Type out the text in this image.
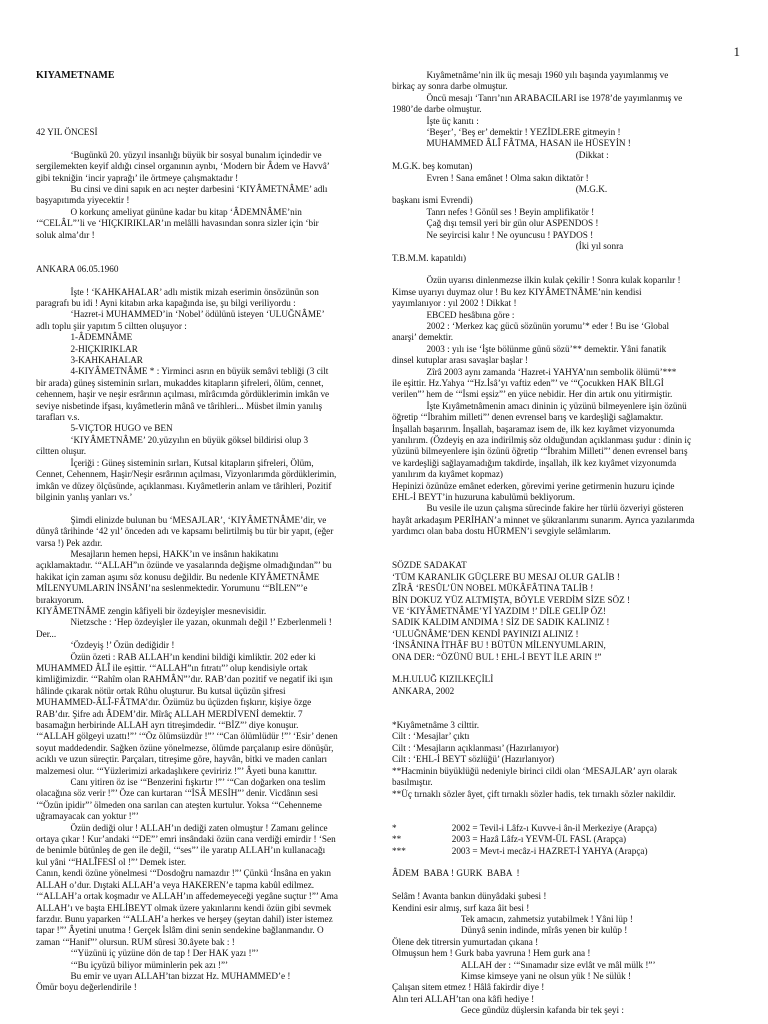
1
KIYAMETNAME
42 YIL ÖNCESİ
‘Bugünkü 20. yüzyıl insanlığı büyük bir sosyal bunalım içindedir ve
sergilemekten keyif aldığı cinsel organının aynbı, ‘Modern bir Âdem ve Havvâ’
gibi tekniğin ‘incir yaprağı’ ile örtmeye çalışmaktadır !
Bu cinsi ve dini sapık en acı neşter darbesini ‘KIYÂMETNÂME’ adlı
başyapıtımda yiyecektir !
O korkunç ameliyat gününe kadar bu kitap ‘ÂDEMNÂME’nin
‘“CELÂL”’li ve ‘HIÇKIRIKLAR’ın melâlli havasından sonra sizler için ‘bir
soluk alma’dır !
ANKARA 06.05.1960
İşte ! ‘KAHKAHALAR’ adlı mistik mizah eserimin önsözünün son
paragrafı bu idi ! Ayni kitabın arka kapağında ise, şu bilgi veriliyordu :
‘Hazret-i MUHAMMED’in ‘Nobel’ ödülünü isteyen ‘ULUĞNÂME’
adlı toplu şiir yapıtım 5 ciltten oluşuyor :
1-ÂDEMNÂME
2-HIÇKIRIKLAR
3-KAHKAHALAR
4-KIYÂMETNÂME * : Yirminci asrın en büyük semâvi tebliği (3 cilt
bir arada) güneş sisteminin sırları, mukaddes kitapların şifreleri, ölüm, cennet,
cehennem, haşir ve neşir esrârının açılması, mîrâcımda gördüklerimin imkân ve
seviye nisbetinde ifşası, kıyâmetlerin mânâ ve târihleri... Müsbet ilmin yanılış
tarafları v.s.
5-VIÇTOR HUGO ve BEN
‘KIYÂMETNÂME’ 20.yüzyılın en büyük göksel bildirisi olup 3
ciltten oluşur.
İçeriği : Güneş sisteminin sırları, Kutsal kitapların şifreleri, Ölüm,
Cennet, Cehennem, Haşir/Neşir esrârının açılması, Vizyonlarımda gördüklerimin,
imkân ve düzey ölçüsünde, açıklanması. Kıyâmetlerin anlam ve târihleri, Pozitif
bilginin yanlış yanları vs.’
Şimdi elinizde bulunan bu ‘MESAJLAR’, ‘KIYÂMETNÂME’dir, ve
dünyâ târihinde ‘42 yıl’ önceden adı ve kapsamı belirtilmiş bu tür bir yapıt, (eğer
varsa !) Pek azdır.
Mesajların hemen hepsi, HAKK’ın ve insânın hakikatını
açıklamaktadır. ‘“ALLAH”ın özünde ve yasalarında değişme olmadığından”’ bu
hakikat için zaman aşımı söz konusu değildir. Bu nedenle KIYÂMETNÂME
MİLENYUMLARIN İNSÂNI’na seslenmektedir. Yorumunu ‘“BİLEN”’e
bırakıyorum.
KIYÂMETNÂME zengin kâfiyeli bir özdeyişler mesnevisidir.
Nietzsche : ‘Hep özdeyişler ile yazan, okunmalı değil !’ Ezberlenmeli !
Der...
‘Özdeyiş !’ Özün dediğidir !
Özün özeti : RAB ALLAH’ın kendini bildiği kimliktir. 202 eder ki
MUHAMMED ÂLÎ ile eşittir. ‘“ALLAH”ın fıtratı”’ olup kendisiyle ortak
kimliğimizdir. ‘“Rahîm olan RAHMÂN”’dır. RAB’dan pozitif ve negatif iki ışın
hâlinde çıkarak nötür ortak Rûhu oluşturur. Bu kutsal üçüzün şifresi
MUHAMMED-ÂLÎ-FÂTMA’dır. Özümüz bu üçüzden fışkırır, kişiye özge
RAB’dır. Şifre adı ÂDEM’dir. Mîrâç ALLAH MERDİVENİ demektir. 7
basamağın herbirinde ALLAH ayrı titreşimdedir. ‘“BİZ”’ diye konuşur.
‘“ALLAH gölgeyi uzattı!”’ ‘“Öz ölümsüzdür !”’ ‘“Can ölümlüdür !”’ ‘Esir’ denen
soyut maddedendir. Sağken özüne yönelmezse, ölümde parçalanıp esire dönüşür,
acıklı ve uzun süreçtir. Parçaları, titreşime göre, hayvân, bitki ve maden canları
malzemesi olur. ‘“Yüzlerimizi arkadaşlıkere çeviririz !”’ Âyeti buna kanıttır.
Canı yitiren öz ise ‘“Benzerini fışkırtır !”’ ‘“Can doğarken ona teslim
olacağına söz verir !”’ Öze can kurtaran ‘“İSÂ MESİH”’ denir. Vicdânın sesi
‘“Özün ipidir”’ ölmeden ona sarılan can ateşten kurtulur. Yoksa ‘“Cehenneme
uğramayacak can yoktur !”’
Özün dediği olur ! ALLAH’ın dediği zaten olmuştur ! Zamanı gelince
ortaya çıkar ! Kur’andaki ‘“DE”’ emri insândaki özün cana verdiği emirdir ! ‘Sen
de benimle bütünleş de gen ile değil, ‘“ses”’ ile yaratıp ALLAH’ın kullanacağı
kul yâni ‘“HALÎFESİ ol !”’ Demek ister.
Canın, kendi özüne yönelmesi ‘“Dosdoğru namazdır !”’ Çünkü ‘İnsâna en yakın
ALLAH o’dur. Dıştaki ALLAH’a veya HAKEREN’e tapma kabûl edilmez.
‘“ALLAH’a ortak koşmadır ve ALLAH’ın affedemeyeceği yegâne suçtur !”’ Ama
ALLAH’ı ve başta EHLİBEYT olmak üzere yakınlarını kendi özün gibi sevmek
farzdır. Bunu yaparken ‘“ALLAH’a herkes ve herşey (şeytan dahil) ister istemez
tapar !”’ Âyetini unutma ! Gerçek İslâm dini senin sendekine bağlanmandır. O
zaman ‘“Hanif”’ olursun. RUM sûresi 30.âyete bak : !
‘“Yüzünü iç yüzüne dön de tap ! Der HAK yazı !”’
‘“Bu içyüzü biliyor müminlerin pek azı !”’
Bu emir ve uyarı ALLAH’tan bizzat Hz. MUHAMMED’e !
Ömür boyu değerlendirile !
Kıyâmetnâme’nin ilk üç mesajı 1960 yılı başında yayımlanmış ve
birkaç ay sonra darbe olmuştur.
Öncü mesajı ‘Tanrı’nın ARABACILARI ise 1978’de yayımlanmış ve
1980’de darbe olmuştur.
İşte üç kanıtı :
‘Beşer’, ‘Beş er’ demektir ! YEZİDLERE gitmeyin !
MUHAMMED ÂLÎ FÂTMA, HASAN ile HÜSEYİN !
(Dikkat :
M.G.K. beş komutan)
Evren ! Sana emânet ! Olma sakın diktatör !
(M.G.K.
başkanı ismi Evrendi)
Tanrı nefes ! Gönül ses ! Beyin amplifikatör !
Çağ dışı temsil yeri bir gün olur ASPENDOS !
Ne seyircisi kalır ! Ne oyuncusu ! PAYDOS !
(İki yıl sonra
T.B.M.M. kapatıldı)
Özün uyarısı dinlenmezse ilkin kulak çekilir ! Sonra kulak koparılır !
Kimse uyarıyı duymaz olur ! Bu kez KIYÂMETNÂME’nin kendisi
yayımlanıyor : yıl 2002 ! Dikkat !
EBCED hesâbına göre :
2002 : ‘Merkez kaç gücü sözünün yorumu’* eder ! Bu ise ‘Global
anarşi’ demektir.
2003 : yılı ise ‘İşte bölünme günü sözü’** demektir. Yâni fanatik
dinsel kutuplar arası savaşlar başlar !
Zîrâ 2003 aynı zamanda ‘Hazret-i YAHYA’nın sembolik ölümü’***
ile eşittir. Hz.Yahya ‘“Hz.İsâ’yı vaftiz eden”’ ve ‘“Çocukken HAK BİLGİ
verilen”’ hem de ‘“İsmi eşsiz”’ en yüce nebidir. Her din artık onu yitirmiştir.
İşte Kıyâmetnâmenin amacı dininin iç yüzünü bilmeyenlere işin özünü
öğretip ‘“İbrahim milleti”’ denen evrensel barış ve kardeşliği sağlamaktır.
İnşallah başarırım. İnşallah, başaramaz isem de, ilk kez kıyâmet vizyonumda
yanılırım. (Özdeyiş en aza indirilmiş söz olduğundan açıklanması şudur : dinin iç
yüzünü bilmeyenlere işin özünü öğretip ‘“İbrahim Milleti”’ denen evrensel barış
ve kardeşliği sağlayamadığım takdirde, inşallah, ilk kez kıyâmet vizyonumda
yanılırım da kıyâmet kopmaz)
Hepinizi özünüze emânet ederken, görevimi yerine getirmenin huzuru içinde
EHL-İ BEYT’in huzuruna kabulümü bekliyorum.
Bu vesile ile uzun çalışma sürecinde fakire her türlü özveriyi gösteren
hayât arkadaşım PERİHAN’a minnet ve şükranlarımı sunarım. Ayrıca yazılarımda
yardımcı olan baba dostu HÜRMEN’i sevgiyle selâmlarım.
SÖZDE SADAKAT
‘TÜM KARANLIK GÜÇLERE BU MESAJ OLUR GALİB !
ZÎRÂ ‘RESÛL’ÜN NOBEL MÜKÂFÂTINA TALİB !
BİN DOKUZ YÜZ ALTMIŞTA, BÖYLE VERDİM SİZE SÖZ !
VE ‘KIYÂMETNÂME’Yİ YAZDIM !’ DİLE GELİP ÖZ!
SADIK KALDIM ANDIMA ! SİZ DE SADIK KALINIZ !
‘ULUĞNÂME’DEN KENDİ PAYINIZI ALINIZ !
‘İNSÂNINA İTHÂF BU ! BÜTÜN MİLENYUMLARIN,
ONA DER: “ÖZÜNÜ BUL ! EHL-İ BEYT İLE ARIN !”
M.H.ULUĞ KIZILKEÇİLİ
ANKARA, 2002
*Kıyâmetnâme 3 cilttir.
Cilt : ‘Mesajlar’ çıktı
Cilt : ‘Mesajların açıklanması’ (Hazırlanıyor)
Cilt : ‘EHL-İ BEYT sözlüğü’ (Hazırlanıyor)
**Hacminin büyüklüğü nedeniyle birinci cildi olan ‘MESAJLAR’ ayrı olarak
basılmıştır.
**Üç tırnaklı sözler âyet, çift tırnaklı sözler hadis, tek tırnaklı sözler nakildir.
*                        2002 = Tevil-i Lâfz-ı Kuvve-i ân-il Merkeziye (Arapça)
**                      2003 = Hazâ Lâfz-ı YEVM-ÜL FASL (Arapça)
***                    2003 = Mevt-i mecâz-i HAZRET-İ YAHYA (Arapça)
ÂDEM  BABA ! GURK  BABA  !
Selâm ! Avanta bankın dünyâdaki şubesi !
Kendini esir almış, sırf kaza âit besi !
Tek amacın, zahmetsiz yutabilmek ! Yâni lüp !
Dünyâ senin indinde, mîrâs yenen bir kulüp !
Ölene dek titrersin yumurtadan çıkana !
Olmuşsun hem ! Gurk baba yavruna ! Hem gurk ana !
ALLAH der : ‘“Sınamadır size evlât ve mâl mülk !”’
Kimse kimseye yani ne olsun yük ! Ne sülük !
Çalışan sitem etmez ! Hâlâ fakirdir diye !
Alın teri ALLAH’tan ona kâfi hediye !
Gece gündüz düşlersin kafanda bir tek şeyi :
